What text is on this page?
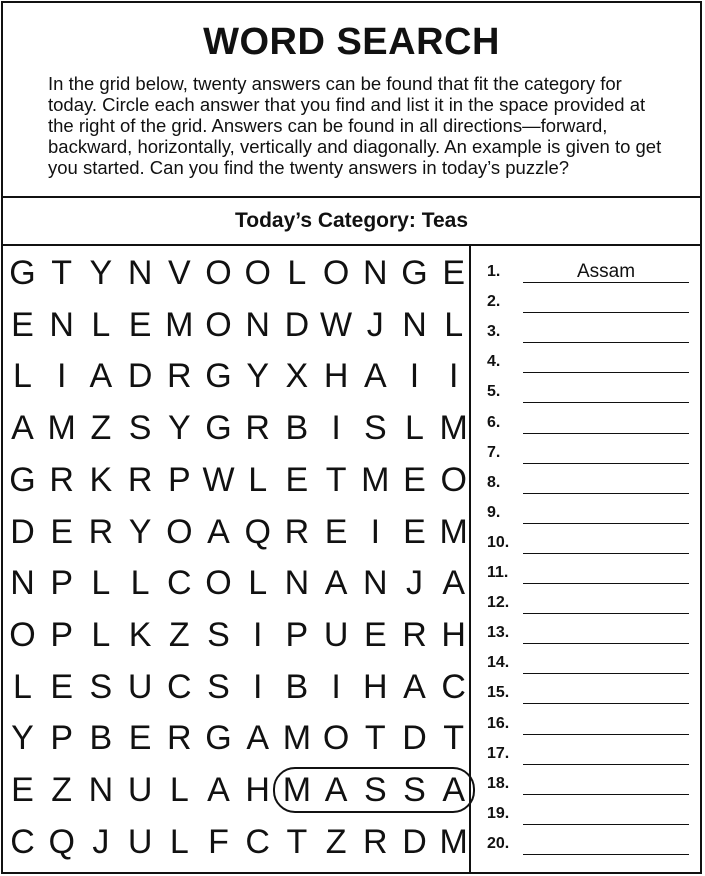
WORD SEARCH
In the grid below, twenty answers can be found that fit the category for today. Circle each answer that you find and list it in the space provided at the right of the grid. Answers can be found in all directions—forward, backward, horizontally, vertically and diagonally. An example is given to get you started. Can you find the twenty answers in today’s puzzle?
Today’s Category: Teas
G T Y N V O O L O N G E
E N L E M O N D W J N L
L I A D R G Y X H A I I
A M Z S Y G R B I S L M
G R K R P W L E T M E O
D E R Y O A Q R E I E M
N P L L C O L N A N J A
O P L K Z S I P U E R H
L E S U C S I B I H A C
Y P B E R G A M O T D T
E Z N U L A H M A S S A
C Q J U L F C T Z R D M
1.	Assam
2.
3.
4.
5.
6.
7.
8.
9.
10.
11.
12.
13.
14.
15.
16.
17.
18.
19.
20.
